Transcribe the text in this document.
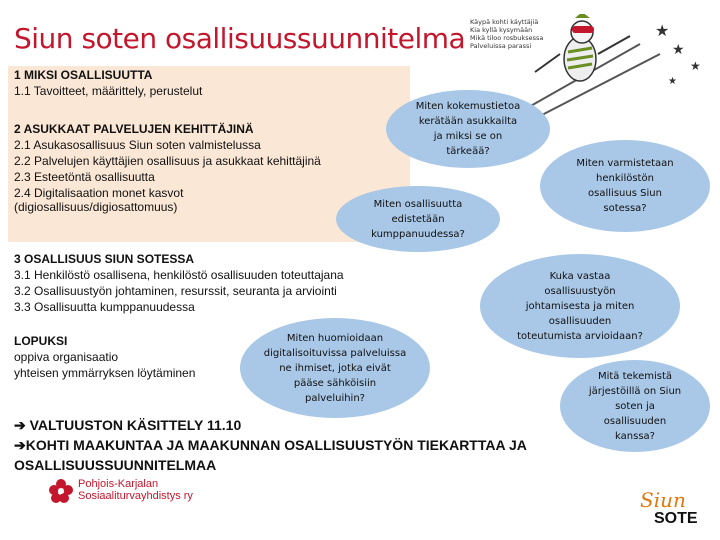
Siun soten osallisuussuunnitelma Käypä kohti käyttäjiä
Kia kyllä kysymään
Mikä tiloo rosbuksessa
Palveluissa parassi
★
★
★
★
1 MIKSI OSALLISUUTTA
1.1 Tavoitteet, määrittely, perustelut
2 ASUKKAAT PALVELUJEN KEHITTÄJINÄ
2.1 Asukasosallisuus Siun soten valmistelussa
2.2 Palvelujen käyttäjien osallisuus ja asukkaat kehittäjinä
2.3 Esteetöntä osallisuutta
2.4 Digitalisaation monet kasvot
(digiosallisuus/digiosattomuus)
3 OSALLISUUS SIUN SOTESSA
3.1 Henkilöstö osallisena, henkilöstö osallisuuden toteuttajana
3.2 Osallisuustyön johtaminen, resurssit, seuranta ja arviointi
3.3 Osallisuutta kumppanuudessa
LOPUKSI
oppiva organisaatio
yhteisen ymmärryksen löytäminen
Miten kokemustietoa
kerätään asukkailta
ja miksi se on
tärkeää?
Miten varmistetaan
henkilöstön
osallisuus Siun
sotessa?
Miten osallisuutta
edistetään
kumppanuudessa?
Kuka vastaa
osallisuustyön
johtamisesta ja miten
osallisuuden
toteutumista arvioidaan?
Miten huomioidaan
digitalisoituvissa palveluissa
ne ihmiset, jotka eivät
pääse sähköisiin
palveluihin?
Mitä tekemistä
järjestöillä on Siun
soten ja
osallisuuden
kanssa?
➔ VALTUUSTON KÄSITTELY 11.10
➔KOHTI MAAKUNTAA JA MAAKUNNAN OSALLISUUSTYÖN TIEKARTTAA JA
OSALLISUUSSUUNNITELMAA
Pohjois-Karjalan
Sosiaaliturvayhdistys ry	Siun
SOTE
